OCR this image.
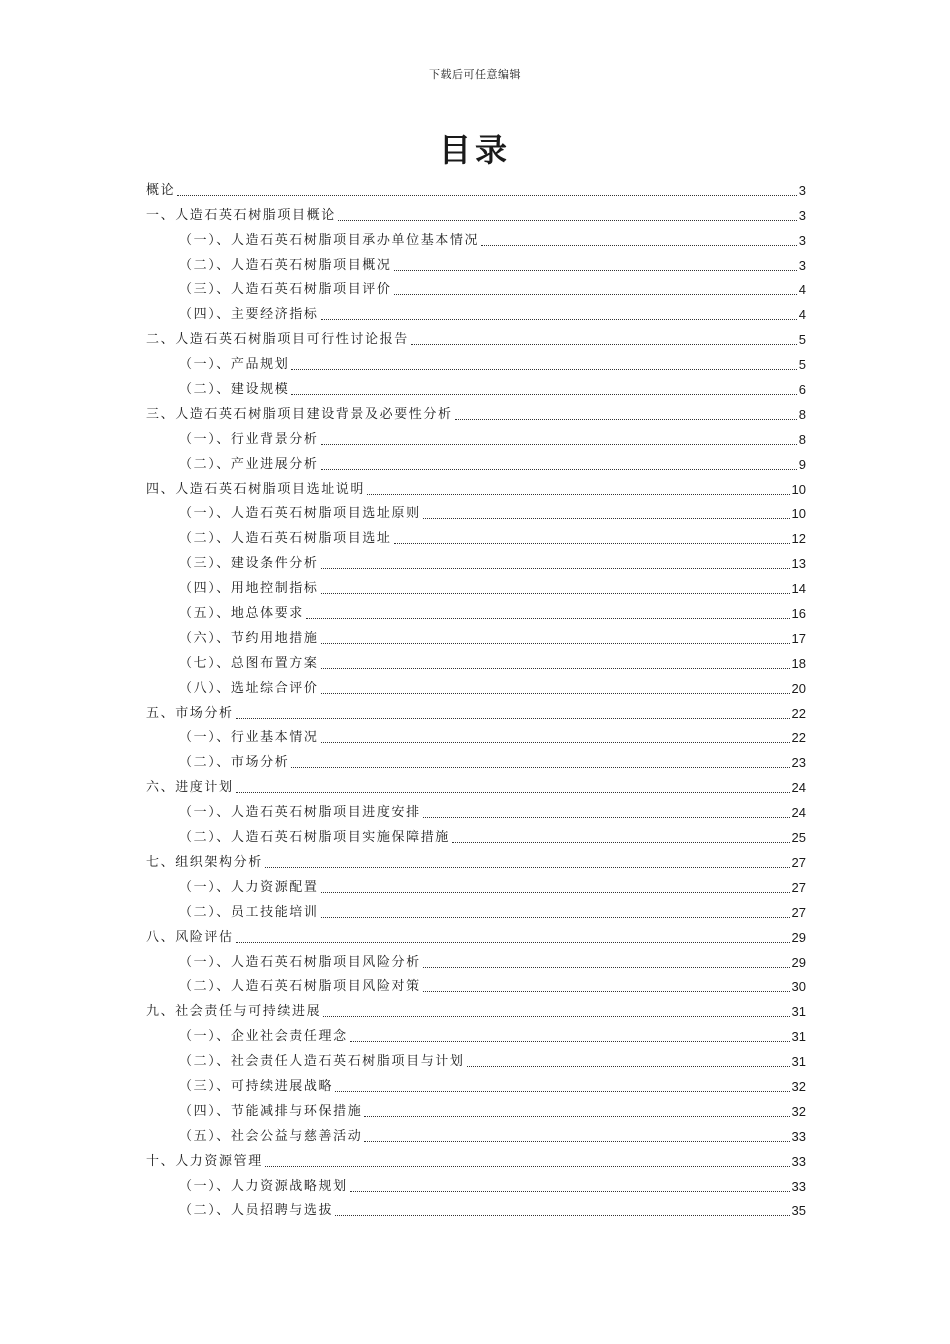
下载后可任意编辑
目录
概论	3
一、人造石英石树脂项目概论	3
（一）、人造石英石树脂项目承办单位基本情况	3
（二）、人造石英石树脂项目概况	3
（三）、人造石英石树脂项目评价	4
（四）、主要经济指标	4
二、人造石英石树脂项目可行性讨论报告	5
（一）、产品规划	5
（二）、建设规模	6
三、人造石英石树脂项目建设背景及必要性分析	8
（一）、行业背景分析	8
（二）、产业进展分析	9
四、人造石英石树脂项目选址说明	10
（一）、人造石英石树脂项目选址原则	10
（二）、人造石英石树脂项目选址	12
（三）、建设条件分析	13
（四）、用地控制指标	14
（五）、地总体要求	16
（六）、节约用地措施	17
（七）、总图布置方案	18
（八）、选址综合评价	20
五、市场分析	22
（一）、行业基本情况	22
（二）、市场分析	23
六、进度计划	24
（一）、人造石英石树脂项目进度安排	24
（二）、人造石英石树脂项目实施保障措施	25
七、组织架构分析	27
（一）、人力资源配置	27
（二）、员工技能培训	27
八、风险评估	29
（一）、人造石英石树脂项目风险分析	29
（二）、人造石英石树脂项目风险对策	30
九、社会责任与可持续进展	31
（一）、企业社会责任理念	31
（二）、社会责任人造石英石树脂项目与计划	31
（三）、可持续进展战略	32
（四）、节能减排与环保措施	32
（五）、社会公益与慈善活动	33
十、人力资源管理	33
（一）、人力资源战略规划	33
（二）、人员招聘与选拔	35
